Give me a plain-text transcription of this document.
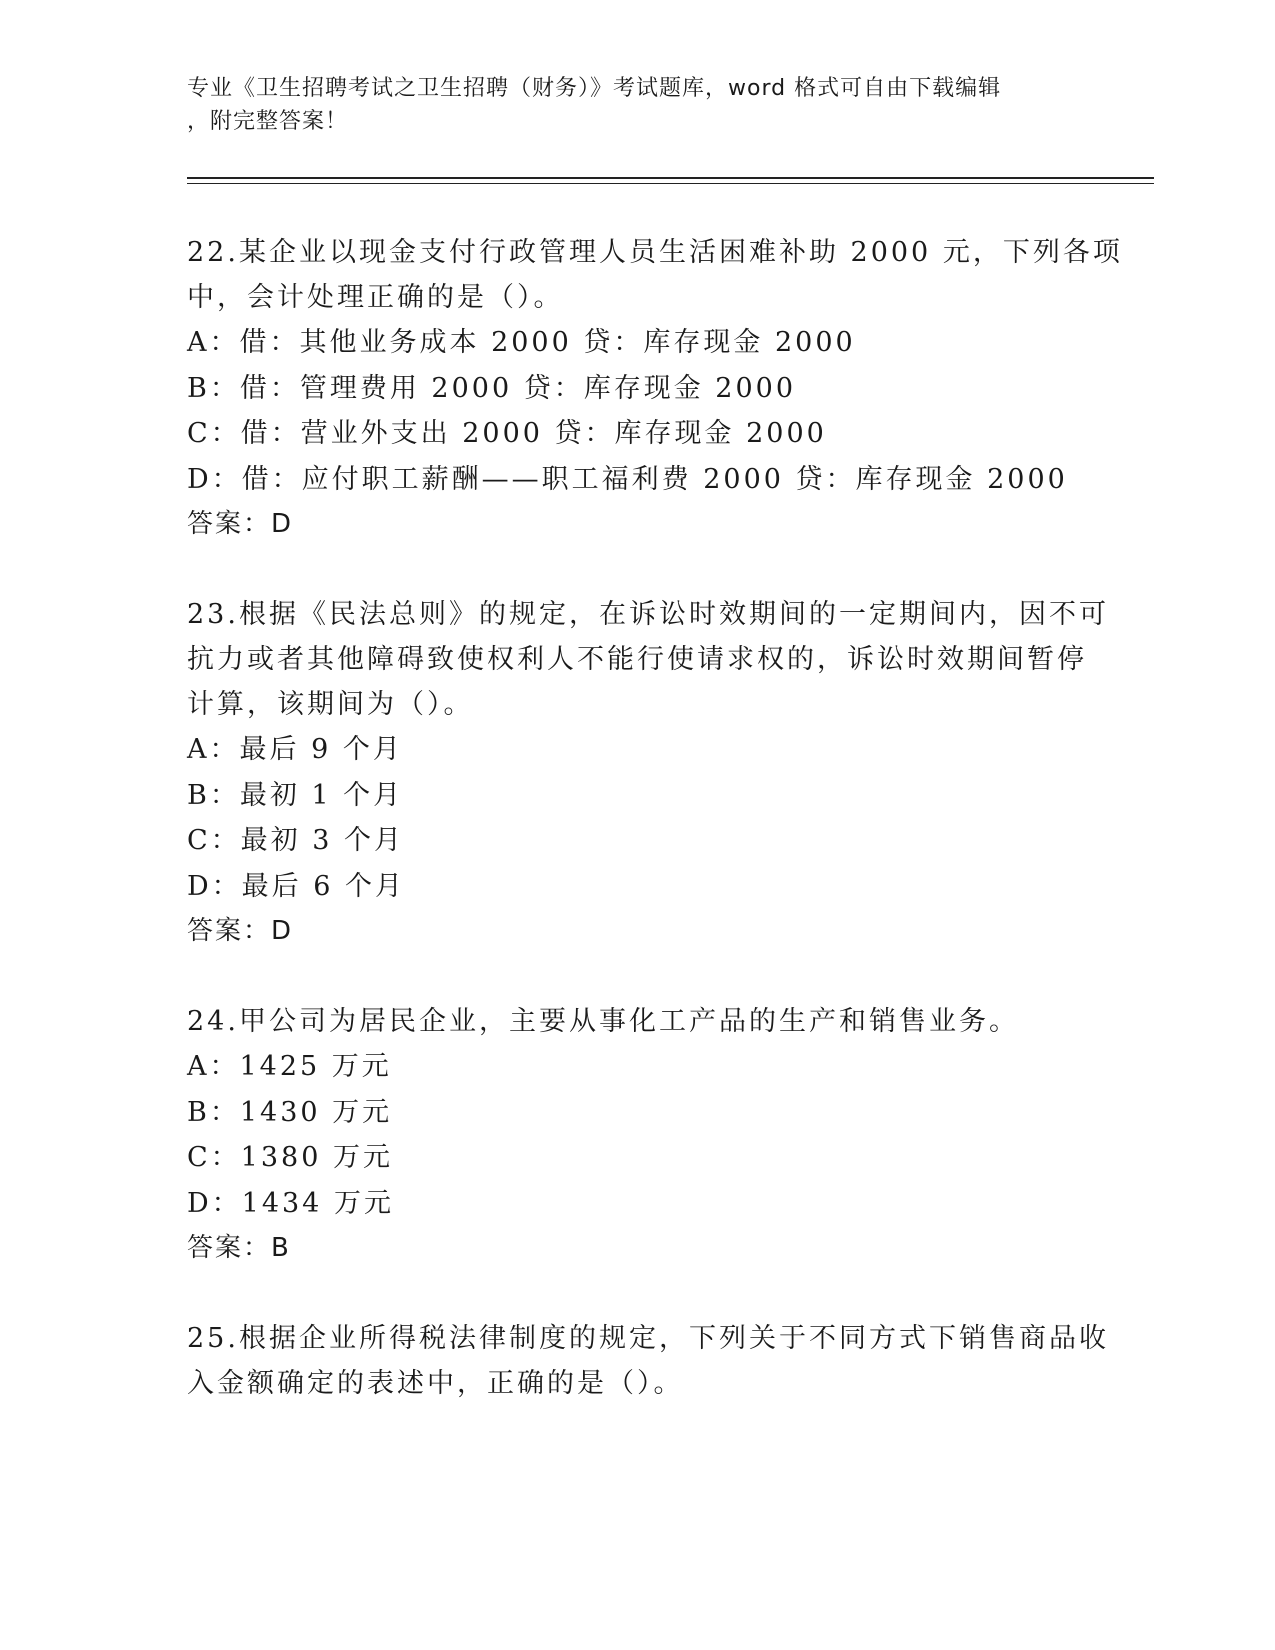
专业《卫生招聘考试之卫生招聘（财务）》考试题库，word 格式可自由下载编辑
，附完整答案！
22.某企业以现金支付行政管理人员生活困难补助 2000 元，下列各项
中，会计处理正确的是（）。
A：借：其他业务成本 2000 贷：库存现金 2000
B：借：管理费用 2000 贷：库存现金 2000
C：借：营业外支出 2000 贷：库存现金 2000
D：借：应付职工薪酬——职工福利费 2000 贷：库存现金 2000
答案：D
23.根据《民法总则》的规定，在诉讼时效期间的一定期间内，因不可
抗力或者其他障碍致使权利人不能行使请求权的，诉讼时效期间暂停
计算，该期间为（）。
A：最后 9 个月
B：最初 1 个月
C：最初 3 个月
D：最后 6 个月
答案：D
24.甲公司为居民企业，主要从事化工产品的生产和销售业务。
A：1425 万元
B：1430 万元
C：1380 万元
D：1434 万元
答案：B
25.根据企业所得税法律制度的规定，下列关于不同方式下销售商品收
入金额确定的表述中，正确的是（）。
